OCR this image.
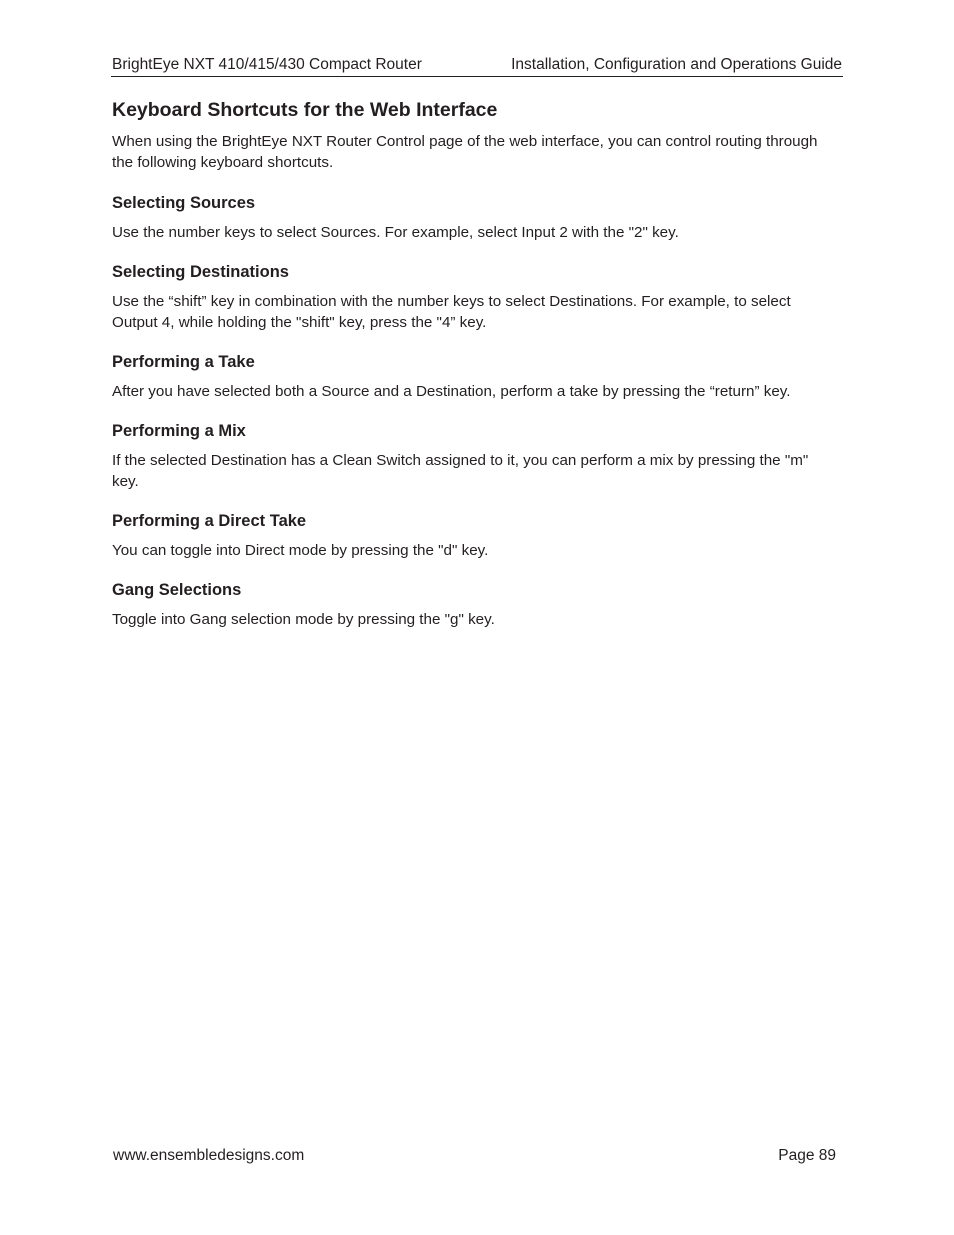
BrightEye NXT 410/415/430 Compact Router	Installation, Configuration and Operations Guide
Keyboard Shortcuts for the Web Interface

When using the BrightEye NXT Router Control page of the web interface, you can control routing through the following keyboard shortcuts.

Selecting Sources

Use the number keys to select Sources. For example, select Input 2 with the "2" key.

Selecting Destinations

Use the “shift” key in combination with the number keys to select Destinations. For example, to select Output 4, while holding the "shift" key, press the "4” key.

Performing a Take

After you have selected both a Source and a Destination, perform a take by pressing the “return” key.

Performing a Mix

If the selected Destination has a Clean Switch assigned to it, you can perform a mix by pressing the "m" key.

Performing a Direct Take

You can toggle into Direct mode by pressing the "d" key.

Gang Selections

Toggle into Gang selection mode by pressing the "g" key.

www.ensembledesigns.com	Page 89
